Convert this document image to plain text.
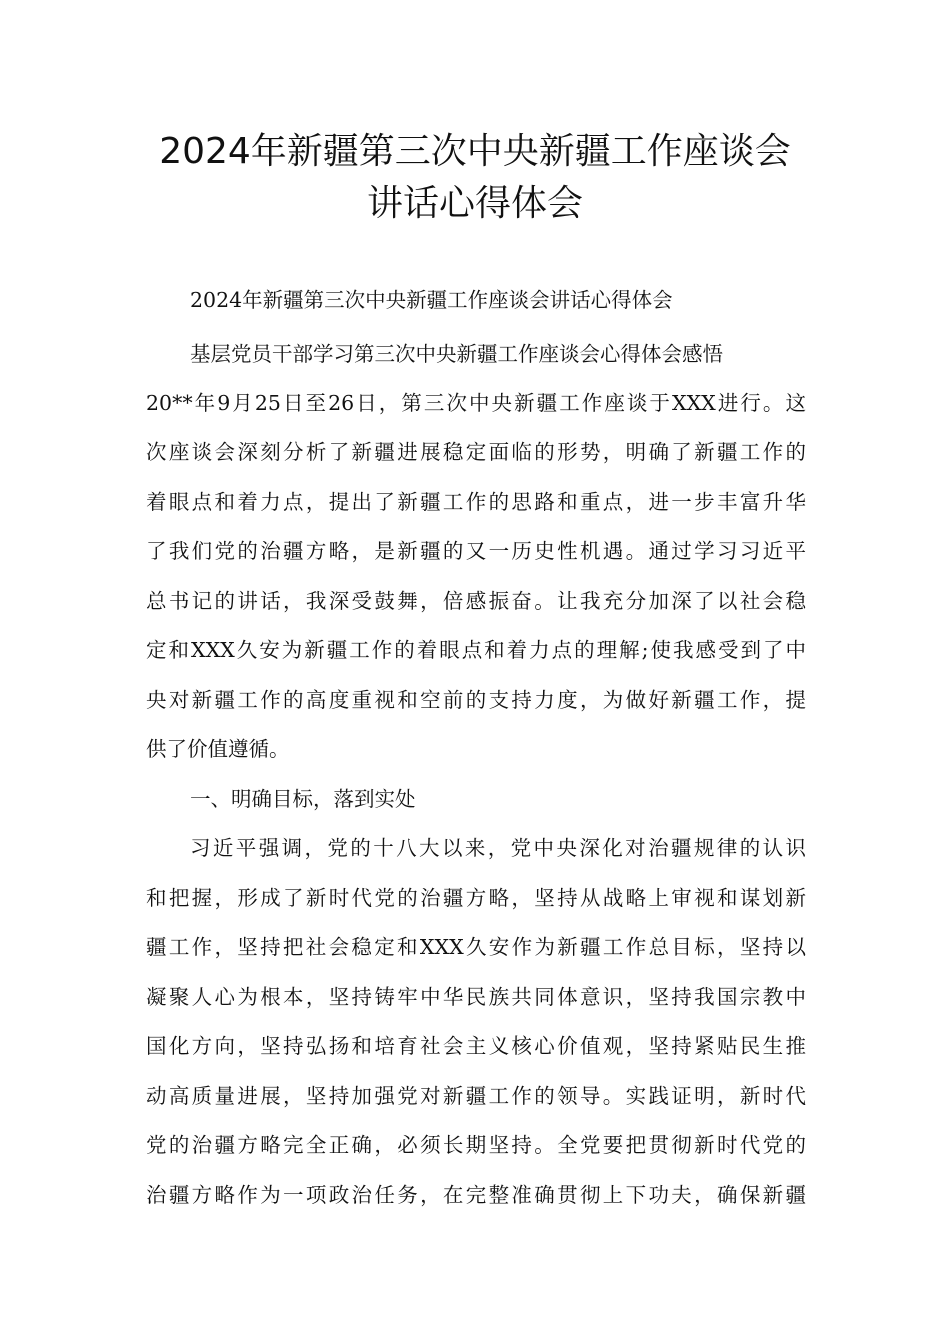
2024年新疆第三次中央新疆工作座谈会
讲话心得体会
2024年新疆第三次中央新疆工作座谈会讲话心得体会
基层党员干部学习第三次中央新疆工作座谈会心得体会感悟
20**年9月25日至26日，第三次中央新疆工作座谈于XXX进行。这
次座谈会深刻分析了新疆进展稳定面临的形势，明确了新疆工作的
着眼点和着力点，提出了新疆工作的思路和重点，进一步丰富升华
了我们党的治疆方略，是新疆的又一历史性机遇。通过学习习近平
总书记的讲话，我深受鼓舞，倍感振奋。让我充分加深了以社会稳
定和XXX久安为新疆工作的着眼点和着力点的理解;使我感受到了中
央对新疆工作的高度重视和空前的支持力度，为做好新疆工作，提
供了价值遵循。
一、明确目标，落到实处
习近平强调，党的十八大以来，党中央深化对治疆规律的认识
和把握，形成了新时代党的治疆方略，坚持从战略上审视和谋划新
疆工作，坚持把社会稳定和XXX久安作为新疆工作总目标，坚持以
凝聚人心为根本，坚持铸牢中华民族共同体意识，坚持我国宗教中
国化方向，坚持弘扬和培育社会主义核心价值观，坚持紧贴民生推
动高质量进展，坚持加强党对新疆工作的领导。实践证明，新时代
党的治疆方略完全正确，必须长期坚持。全党要把贯彻新时代党的
治疆方略作为一项政治任务，在完整准确贯彻上下功夫，确保新疆
